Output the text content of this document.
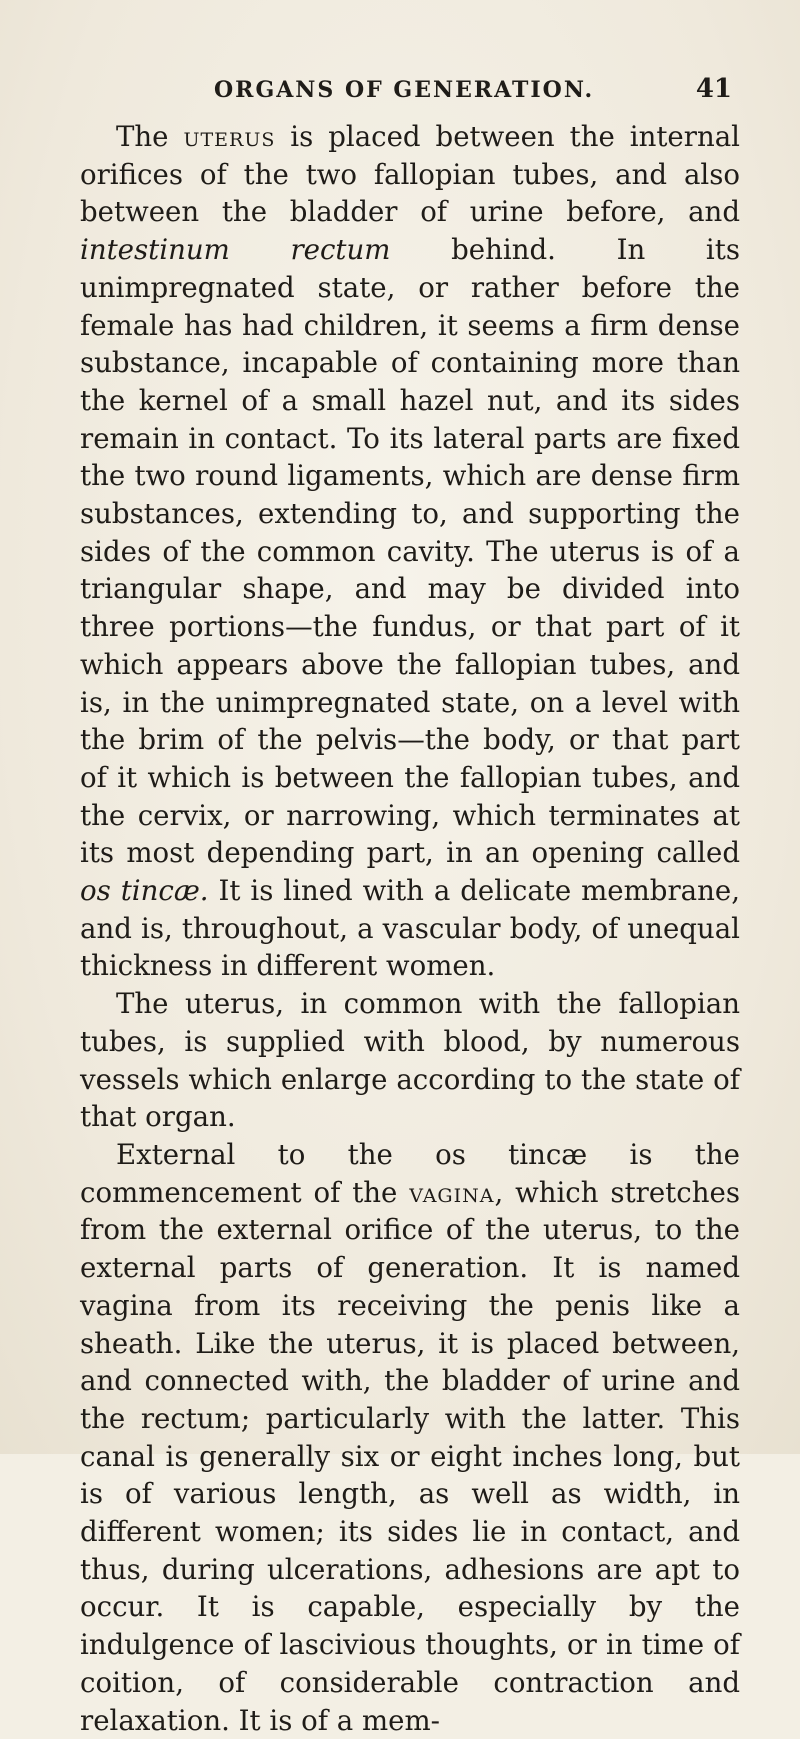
ORGANS OF GENERATION.	41

The uterus is placed between the internal orifices of the two fallopian tubes, and also between the bladder of urine before, and intestinum rectum behind. In its unimpregnated state, or rather before the female has had children, it seems a firm dense substance, incapable of containing more than the kernel of a small hazel nut, and its sides remain in contact. To its lateral parts are fixed the two round ligaments, which are dense firm substances, extending to, and supporting the sides of the common cavity. The uterus is of a triangular shape, and may be divided into three portions—the fundus, or that part of it which appears above the fallopian tubes, and is, in the unimpregnated state, on a level with the brim of the pelvis—the body, or that part of it which is between the fallopian tubes, and the cervix, or narrowing, which terminates at its most depending part, in an opening called os tincæ. It is lined with a delicate membrane, and is, throughout, a vascular body, of unequal thickness in different women.

The uterus, in common with the fallopian tubes, is supplied with blood, by numerous vessels which enlarge according to the state of that organ.

External to the os tincæ is the commencement of the vagina, which stretches from the external orifice of the uterus, to the external parts of generation. It is named vagina from its receiving the penis like a sheath. Like the uterus, it is placed between, and connected with, the bladder of urine and the rectum; particularly with the latter. This canal is generally six or eight inches long, but is of various length, as well as width, in different women; its sides lie in contact, and thus, during ulcerations, adhesions are apt to occur. It is capable, especially by the indulgence of lascivious thoughts, or in time of coition, of considerable contraction and relaxation. It is of a mem-
